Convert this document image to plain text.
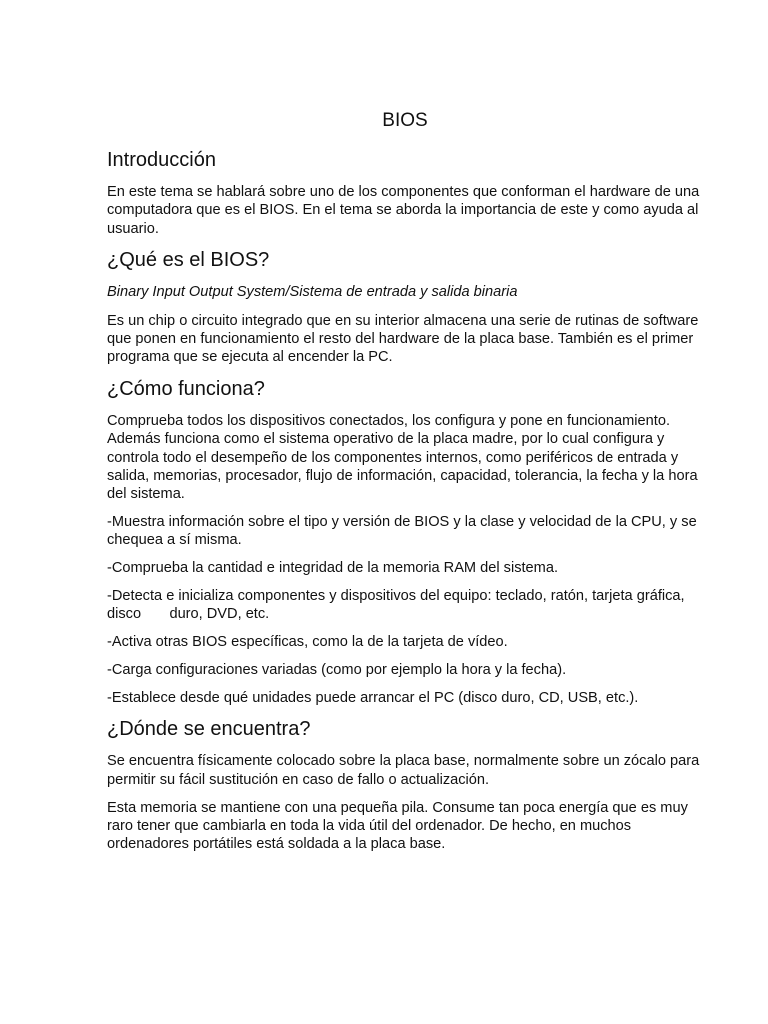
BIOS
Introducción

En este tema se hablará sobre uno de los componentes que conforman el hardware de una computadora que es el BIOS. En el tema se aborda la importancia de este y como ayuda al usuario.

¿Qué es el BIOS?

Binary Input Output System/Sistema de entrada y salida binaria

Es un chip o circuito integrado que en su interior almacena una serie de rutinas de software que ponen en funcionamiento el resto del hardware de la placa base. También es el primer programa que se ejecuta al encender la PC.

¿Cómo funciona?

Comprueba todos los dispositivos conectados, los configura y pone en funcionamiento. Además funciona como el sistema operativo de la placa madre, por lo cual configura y controla todo el desempeño de los componentes internos, como periféricos de entrada y salida, memorias, procesador, flujo de información, capacidad, tolerancia, la fecha y la hora del sistema.

-Muestra información sobre el tipo y versión de BIOS y la clase y velocidad de la CPU, y se chequea a sí misma.

-Comprueba la cantidad e integridad de la memoria RAM del sistema.

-Detecta e inicializa componentes y dispositivos del equipo: teclado, ratón, tarjeta gráfica, disco       duro, DVD, etc.

-Activa otras BIOS específicas, como la de la tarjeta de vídeo.

-Carga configuraciones variadas (como por ejemplo la hora y la fecha).

-Establece desde qué unidades puede arrancar el PC (disco duro, CD, USB, etc.).

¿Dónde se encuentra?

Se encuentra físicamente colocado sobre la placa base, normalmente sobre un zócalo para permitir su fácil sustitución en caso de fallo o actualización.

Esta memoria se mantiene con una pequeña pila. Consume tan poca energía que es muy raro tener que cambiarla en toda la vida útil del ordenador. De hecho, en muchos ordenadores portátiles está soldada a la placa base.
